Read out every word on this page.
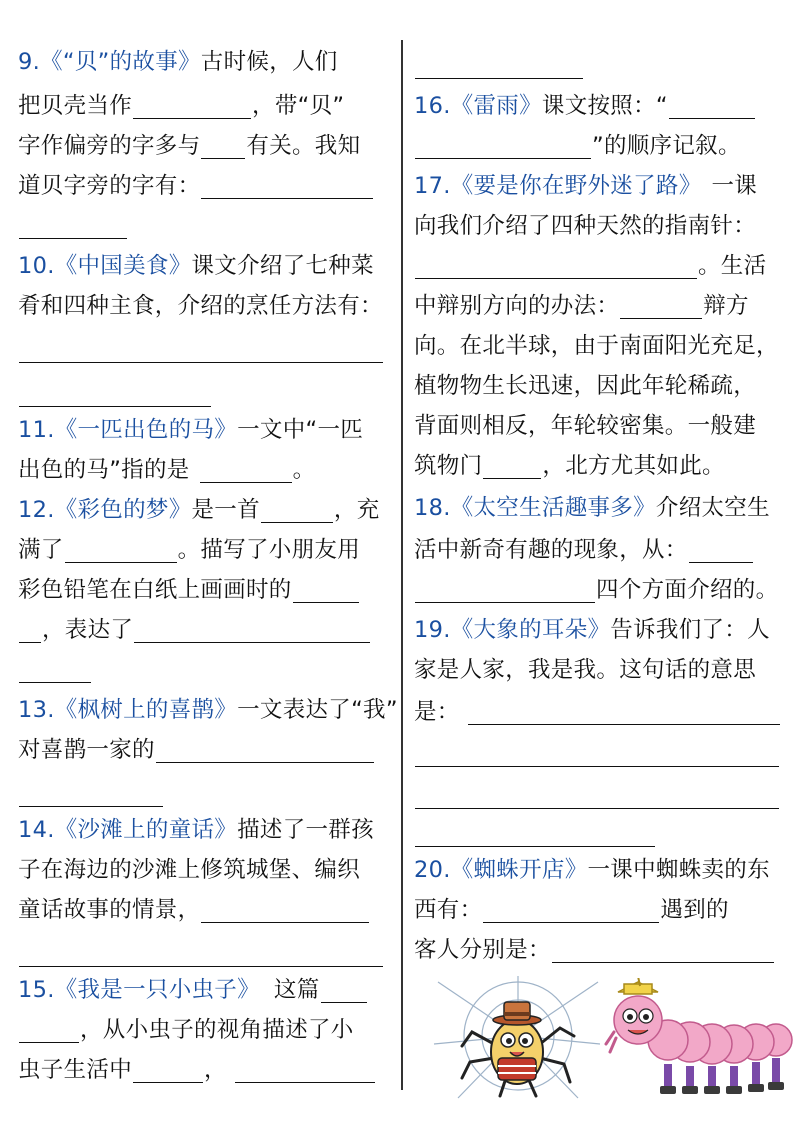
9.《“贝”的故事》古时候，人们
把贝壳当作	，带“贝”
字作偏旁的字多与 有关。我知
道贝字旁的字有：
10.《中国美食》课文介绍了七种菜
肴和四种主食，介绍的烹任方法有：
11.《一匹出色的马》一文中“一匹
出色的马”指的是	。
12.《彩色的梦》是一首	，充
满了	。描写了小朋友用
彩色铅笔在白纸上画画时的
，表达了
13.《枫树上的喜鹊》一文表达了“我”
对喜鹊一家的
14.《沙滩上的童话》描述了一群孩
子在海边的沙滩上修筑城堡、编织
童话故事的情景，
15.《我是一只小虫子》 这篇
，从小虫子的视角描述了小
虫子生活中	，
16.《雷雨》课文按照：“
”的顺序记叙。
17.《要是你在野外迷了路》 一课
向我们介绍了四种天然的指南针：
。生活
中辩别方向的办法：	辩方
向。在北半球，由于南面阳光充足，
植物物生长迅速，因此年轮稀疏，
背面则相反，年轮较密集。一般建
筑物门	，北方尤其如此。
18.《太空生活趣事多》介绍太空生
活中新奇有趣的现象，从：
四个方面介绍的。
19.《大象的耳朵》告诉我们了：人
家是人家，我是我。这句话的意思
是：
20.《蜘蛛开店》一课中蜘蛛卖的东
西有：	遇到的
客人分别是：
